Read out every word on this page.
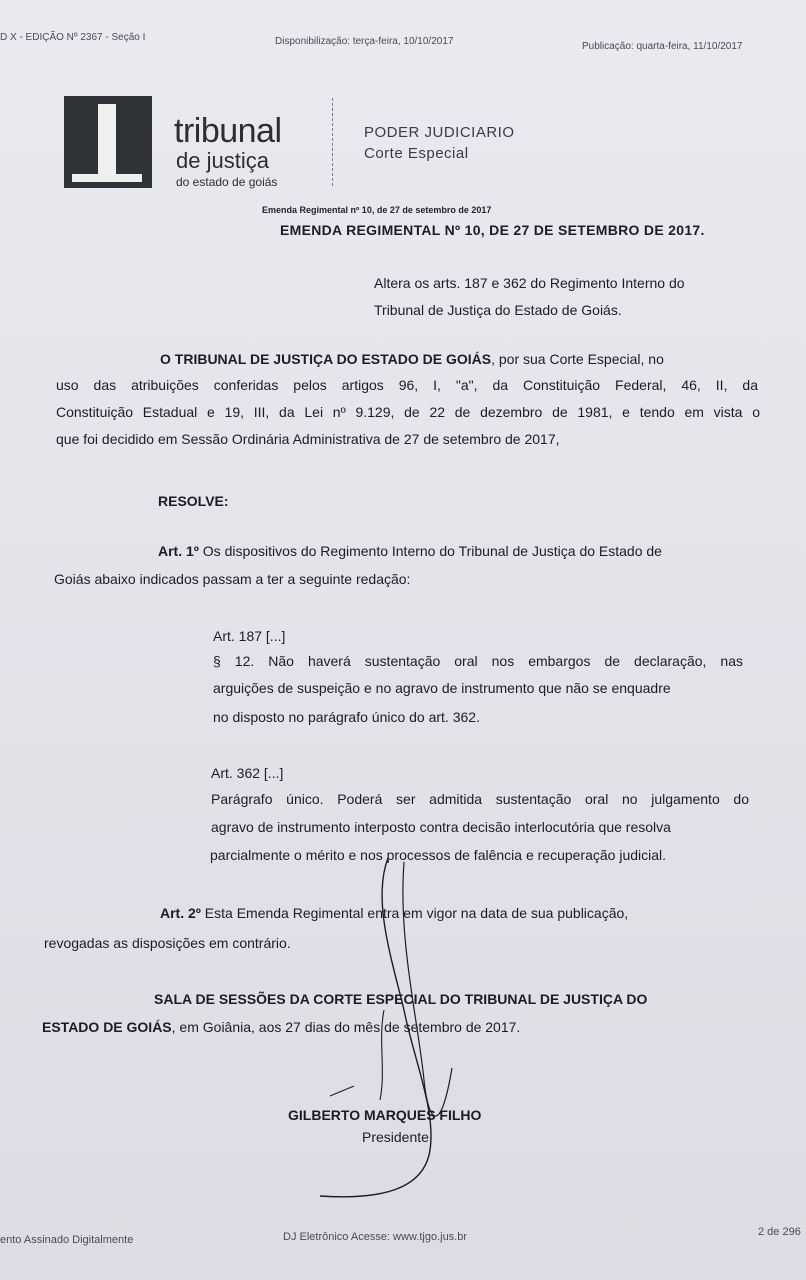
D X - EDIÇÃO Nº 2367 - Seção I	Disponibilização: terça-feira, 10/10/2017	Publicação: quarta-feira, 11/10/2017
tribunal
de justiça
do estado de goiás
PODER JUDICIARIO
Corte Especial
Emenda Regimental nº 10, de 27 de setembro de 2017
EMENDA REGIMENTAL Nº 10, DE 27 DE SETEMBRO DE 2017.
Altera os arts. 187 e 362 do Regimento Interno do
Tribunal de Justiça do Estado de Goiás.
O TRIBUNAL DE JUSTIÇA DO ESTADO DE GOIÁS, por sua Corte Especial, no
uso das atribuições conferidas pelos artigos 96, I, "a", da Constituição Federal, 46, II, da
Constituição Estadual e 19, III, da Lei nº 9.129, de 22 de dezembro de 1981, e tendo em vista o
que foi decidido em Sessão Ordinária Administrativa de 27 de setembro de 2017,
RESOLVE:
Art. 1º Os dispositivos do Regimento Interno do Tribunal de Justiça do Estado de
Goiás abaixo indicados passam a ter a seguinte redação:
Art. 187 [...]
§ 12. Não haverá sustentação oral nos embargos de declaração, nas
arguições de suspeição e no agravo de instrumento que não se enquadre
no disposto no parágrafo único do art. 362.
Art. 362 [...]
Parágrafo único. Poderá ser admitida sustentação oral no julgamento do
agravo de instrumento interposto contra decisão interlocutória que resolva
parcialmente o mérito e nos processos de falência e recuperação judicial.
Art. 2º Esta Emenda Regimental entra em vigor na data de sua publicação,
revogadas as disposições em contrário.
SALA DE SESSÕES DA CORTE ESPECIAL DO TRIBUNAL DE JUSTIÇA DO
ESTADO DE GOIÁS, em Goiânia, aos 27 dias do mês de setembro de 2017.
GILBERTO MARQUES FILHO
Presidente
ento Assinado Digitalmente	DJ Eletrônico Acesse: www.tjgo.jus.br	2 de 296
